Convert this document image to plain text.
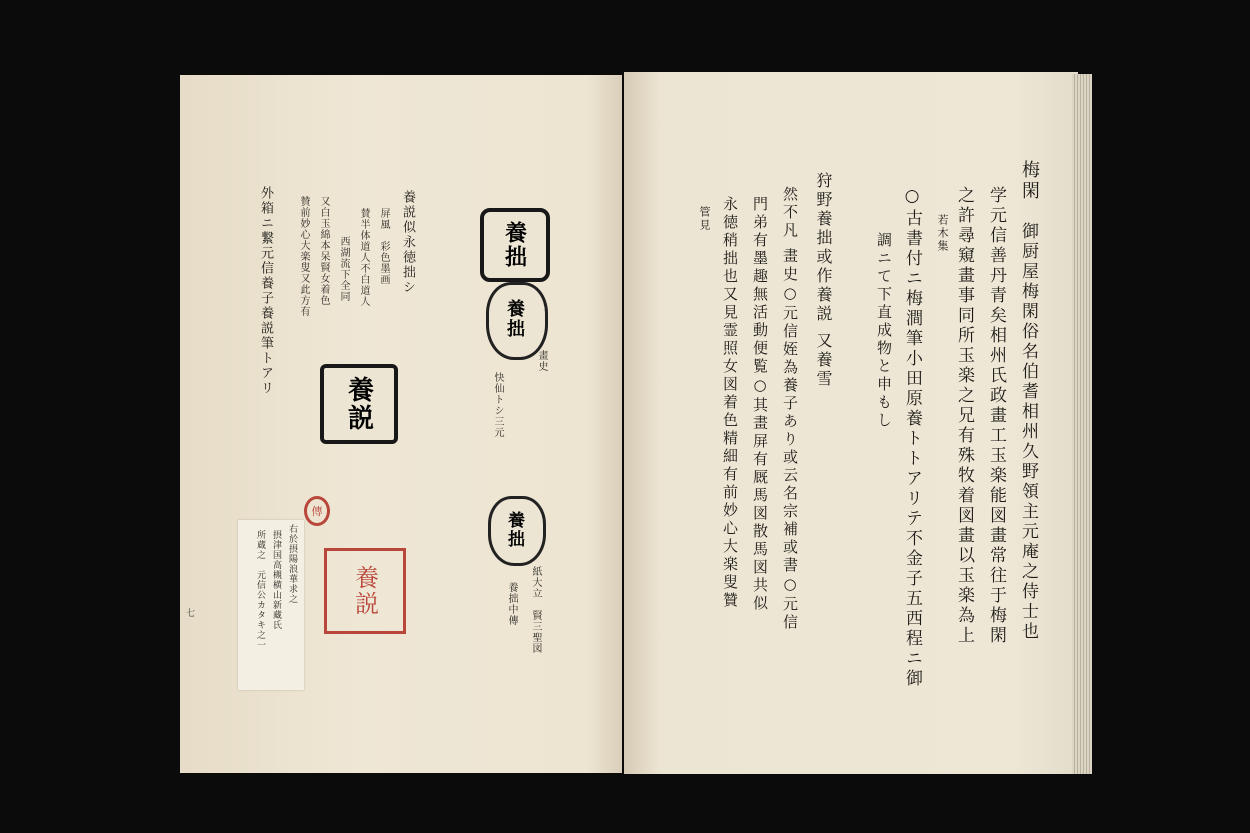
梅閑
御厨屋梅閑俗名伯耆相州久野領主元庵之侍士也
学元信善丹青矣相州氏政畫工玉楽能図畫常往于梅閑
之許尋窺畫事同所玉楽之兄有殊牧着図畫以玉楽為上
若木集
○古書付ニ梅澗筆小田原養トトアリテ不金子五西程ニ御
調ニて下直成物と申もし
狩野養拙或作養説 又養雪
然不凡 畫史○元信姪為養子あり或云名宗補或書○元信
門弟有墨趣無活動便覧○其畫屏有厩馬図散馬図共似
永徳稍拙也又見霊照女図着色精細有前妙心大楽叟贊
管見
養説似永徳拙シ
屏風　彩色墨画
賛半体道人不白道人
西湖流下全同
又白玉綿本呆賢女着色
贊前妙心大楽叟又此方有
外箱ニ繋元信養子養説筆トアリ	畫史
快仙トシ三元
紙大立　賢三聖図
養拙中傳
養拙
養拙
養拙
養説
右於摂陽浪華求之
摂津国高槻横山新藏氏
所蔵之　元信公カタキ之一
傳
養説
七
